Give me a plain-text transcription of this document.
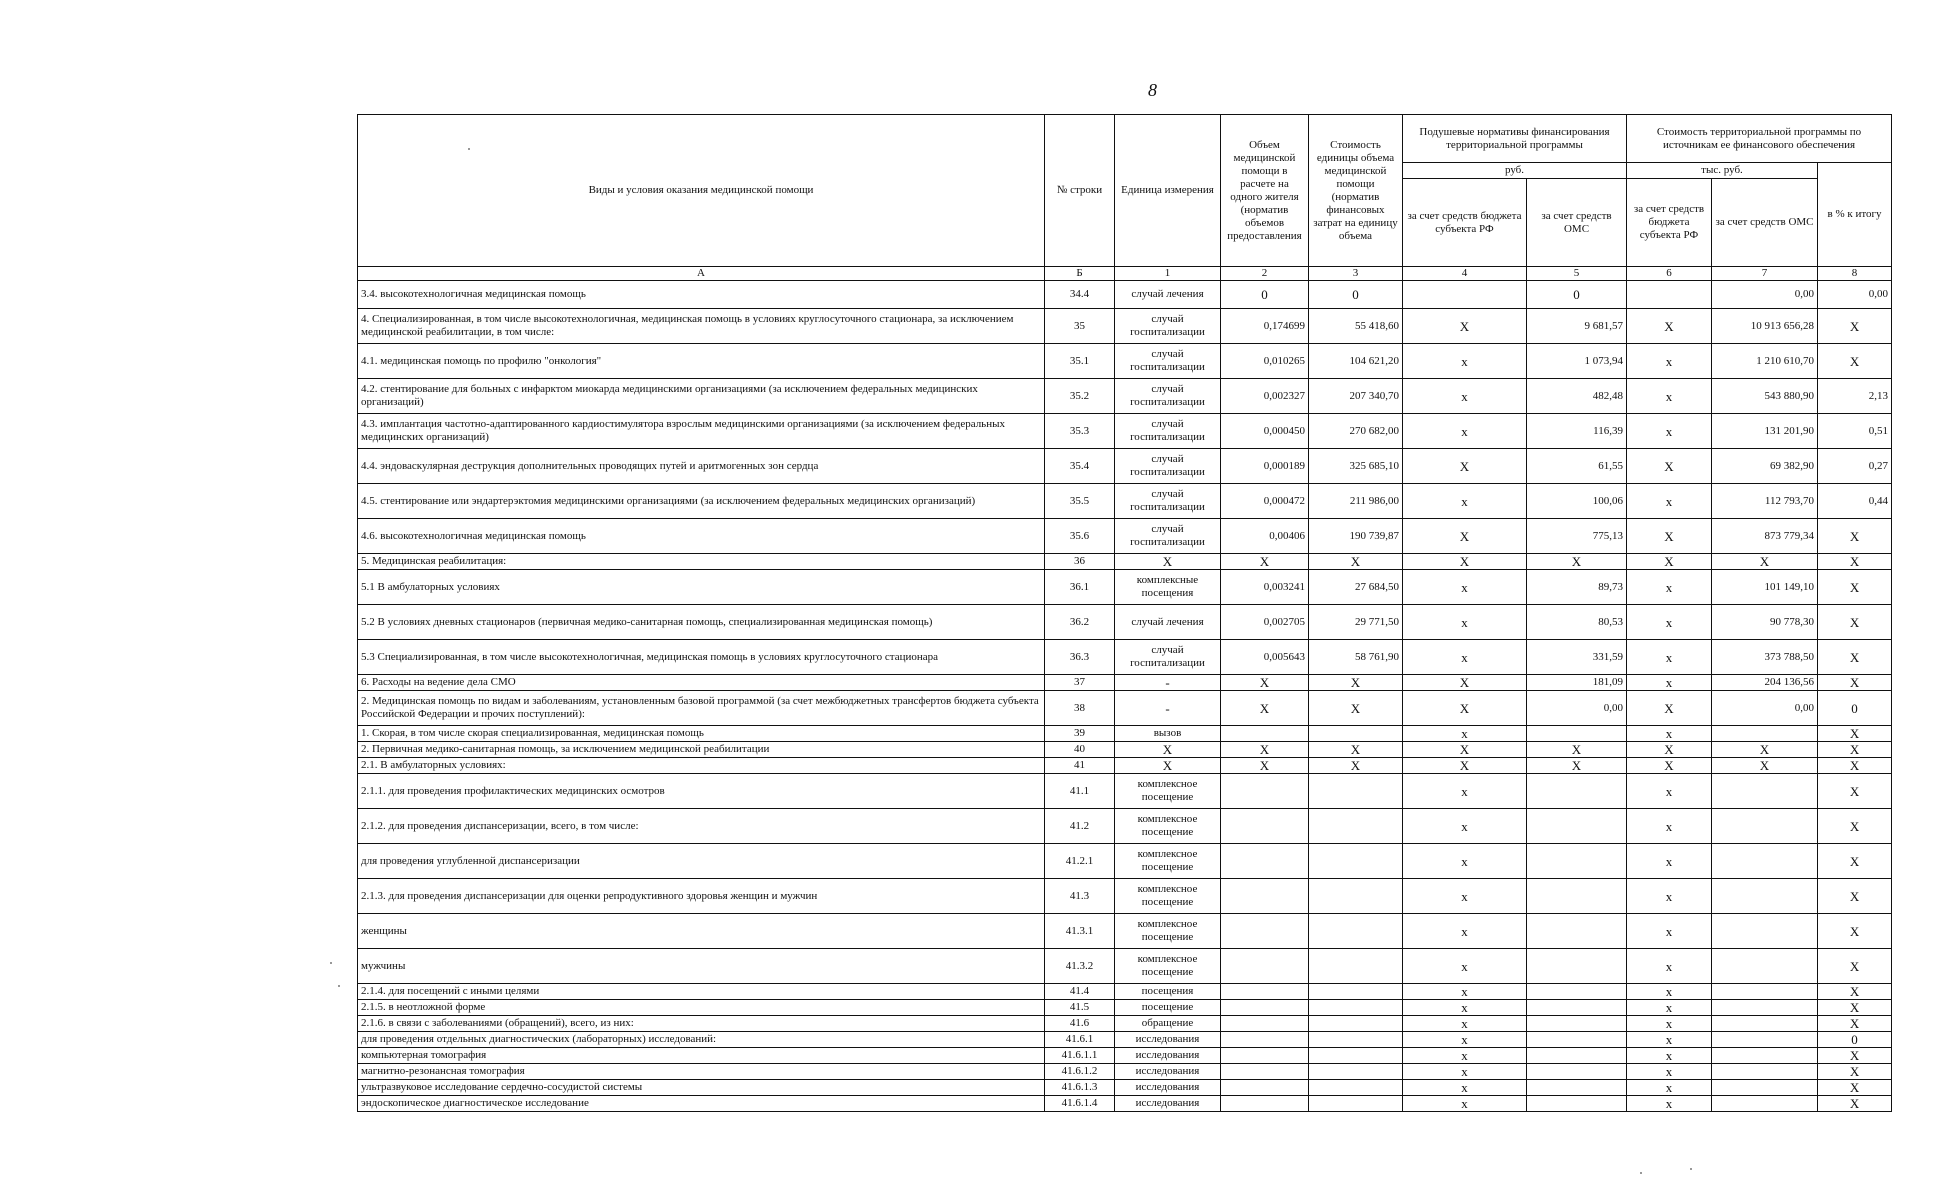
8
Виды и условия оказания медицинской помощи	№ строки	Единица измерения	Объем медицинской помощи в расчете на одного жителя (норматив объемов предоставления	Стоимость единицы объема медицинской помощи (норматив финансовых затрат на единицу объема	Подушевые нормативы финансирования территориальной программы		Стоимость территориальной программы по источникам ее финансового обеспечения		
					руб.		тыс. руб.		в % к итогу
					за счет средств бюджета субъекта РФ	за счет средств ОМС	за счет средств бюджета субъекта РФ	за счет средств ОМС	
А	Б	1	2	3	4	5	6	7	8
3.4. высокотехнологичная медицинская помощь	34.4	случай лечения	0	0		0		0,00	0,00
4. Специализированная, в том числе высокотехнологичная, медицинская помощь в условиях круглосуточного стационара, за исключением медицинской реабилитации, в том числе:	35	случай госпитализации	0,174699	55 418,60	X	9 681,57	X	10 913 656,28	X
4.1. медицинская помощь по профилю "онкология"	35.1	случай госпитализации	0,010265	104 621,20	x	1 073,94	x	1 210 610,70	X
4.2. стентирование для больных с инфарктом миокарда медицинскими организациями (за исключением федеральных медицинских организаций)	35.2	случай госпитализации	0,002327	207 340,70	x	482,48	x	543 880,90	2,13
4.3. имплантация частотно-адаптированного кардиостимулятора взрослым медицинскими организациями (за исключением федеральных медицинских организаций)	35.3	случай госпитализации	0,000450	270 682,00	x	116,39	x	131 201,90	0,51
4.4. эндоваскулярная деструкция дополнительных проводящих путей и аритмогенных зон сердца	35.4	случай госпитализации	0,000189	325 685,10	X	61,55	X	69 382,90	0,27
4.5. стентирование или эндартерэктомия медицинскими организациями (за исключением федеральных медицинских организаций)	35.5	случай госпитализации	0,000472	211 986,00	x	100,06	x	112 793,70	0,44
4.6. высокотехнологичная медицинская помощь	35.6	случай госпитализации	0,00406	190 739,87	X	775,13	X	873 779,34	X
5. Медицинская реабилитация:	36	X	X	X	X	X	X	X	X
5.1 В амбулаторных условиях	36.1	комплексные посещения	0,003241	27 684,50	x	89,73	x	101 149,10	X
5.2 В условиях дневных стационаров (первичная медико-санитарная помощь, специализированная медицинская помощь)	36.2	случай лечения	0,002705	29 771,50	x	80,53	x	90 778,30	X
5.3 Специализированная, в том числе высокотехнологичная, медицинская помощь в условиях круглосуточного стационара	36.3	случай госпитализации	0,005643	58 761,90	x	331,59	x	373 788,50	X
6. Расходы на ведение дела СМО	37	-	X	X	X	181,09	x	204 136,56	X
2. Медицинская помощь по видам и заболеваниям, установленным базовой программой (за счет межбюджетных трансфертов бюджета субъекта Российской Федерации и прочих поступлений):	38	-	X	X	X	0,00	X	0,00	0
1. Скорая, в том числе скорая специализированная, медицинская помощь	39	вызов			x		x		X
2. Первичная медико-санитарная помощь, за исключением медицинской реабилитации	40	X	X	X	X	X	X	X	X
2.1. В амбулаторных условиях:	41	X	X	X	X	X	X	X	X
2.1.1. для проведения профилактических медицинских осмотров	41.1	комплексное посещение			x		x		X
2.1.2. для проведения диспансеризации, всего, в том числе:	41.2	комплексное посещение			x		x		X
для проведения углубленной диспансеризации	41.2.1	комплексное посещение			x		x		X
2.1.3. для проведения диспансеризации для оценки репродуктивного здоровья женщин и мужчин	41.3	комплексное посещение			x		x		X
женщины	41.3.1	комплексное посещение			x		x		X
мужчины	41.3.2	комплексное посещение			x		x		X
2.1.4. для посещений с иными целями	41.4	посещения			x		x		X
2.1.5. в неотложной форме	41.5	посещение			x		x		X
2.1.6. в связи с заболеваниями (обращений), всего, из них:	41.6	обращение			x		x		X
для проведения отдельных диагностических (лабораторных) исследований:	41.6.1	исследования			x		x		0
компьютерная томография	41.6.1.1	исследования			x		x		X
магнитно-резонансная томография	41.6.1.2	исследования			x		x		X
ультразвуковое исследование сердечно-сосудистой системы	41.6.1.3	исследования			x		x		X
эндоскопическое диагностическое исследование	41.6.1.4	исследования			x		x		X
